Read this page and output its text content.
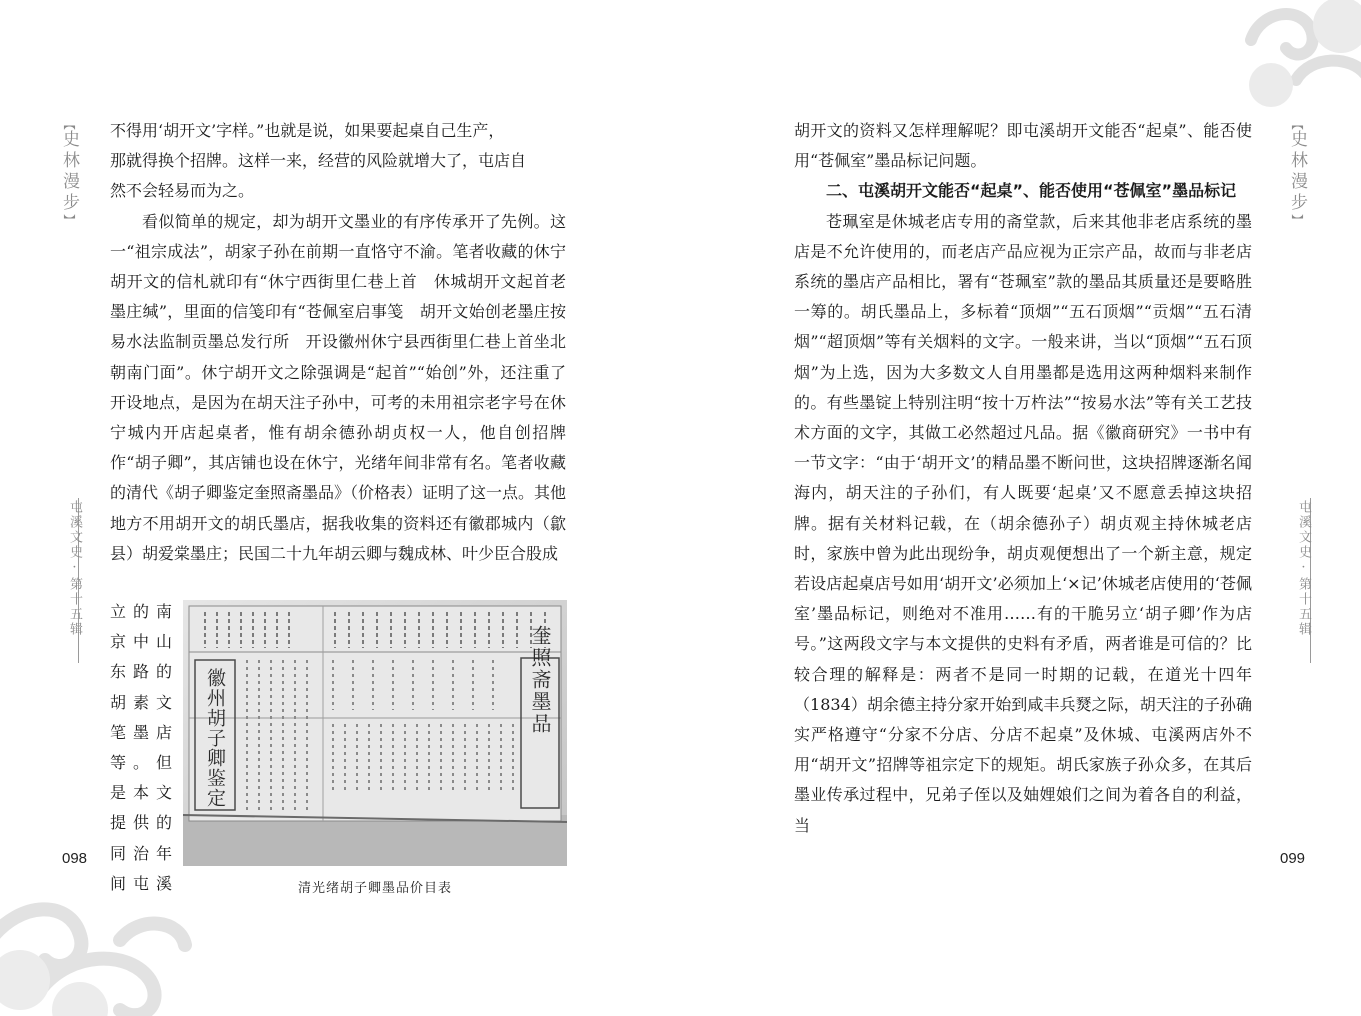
【史林漫步】
屯溪文史·第十五辑

不得用‘胡开文’字样。”也就是说，如果要起桌自己生产，

那就得换个招牌。这样一来，经营的风险就增大了，屯店自

然不会轻易而为之。

看似简单的规定，却为胡开文墨业的有序传承开了先例。这一“祖宗成法”，胡家子孙在前期一直恪守不渝。笔者收藏的休宁胡开文的信札就印有“休宁西街里仁巷上首　休城胡开文起首老墨庄缄”，里面的信笺印有“苍佩室启事笺　胡开文始创老墨庄按易水法监制贡墨总发行所　开设徽州休宁县西街里仁巷上首坐北朝南门面”。休宁胡开文之除强调是“起首”“始创”外，还注重了开设地点，是因为在胡天注子孙中，可考的未用祖宗老字号在休宁城内开店起桌者，惟有胡余德孙胡贞权一人，他自创招牌作“胡子卿”，其店铺也设在休宁，光绪年间非常有名。笔者收藏的清代《胡子卿鉴定奎照斋墨品》（价格表）证明了这一点。其他地方不用胡开文的胡氏墨店，据我收集的资料还有徽郡城内（歙县）胡爱棠墨庄；民国二十九年胡云卿与魏成林、叶少臣合股成

立的南
京中山
东路的
胡素文
笔墨店
等。但
是本文
提供的
同治年
间屯溪
奎照斋墨品
徽州胡子卿鉴定
清光绪胡子卿墨品价目表
098

胡开文的资料又怎样理解呢？即屯溪胡开文能否“起桌”、能否使用“苍佩室”墨品标记问题。

二、屯溪胡开文能否“起桌”、能否使用“苍佩室”墨品标记

苍珮室是休城老店专用的斋堂款，后来其他非老店系统的墨店是不允许使用的，而老店产品应视为正宗产品，故而与非老店系统的墨店产品相比，署有“苍珮室”款的墨品其质量还是要略胜一筹的。胡氏墨品上，多标着“顶烟”“五石顶烟”“贡烟”“五石清烟”“超顶烟”等有关烟料的文字。一般来讲，当以“顶烟”“五石顶烟”为上选，因为大多数文人自用墨都是选用这两种烟料来制作的。有些墨锭上特别注明“按十万杵法”“按易水法”等有关工艺技术方面的文字，其做工必然超过凡品。据《徽商研究》一书中有一节文字：“由于‘胡开文’的精品墨不断问世，这块招牌逐渐名闻海内，胡天注的子孙们，有人既要‘起桌’又不愿意丢掉这块招牌。据有关材料记载，在（胡余德孙子）胡贞观主持休城老店时，家族中曾为此出现纷争，胡贞观便想出了一个新主意，规定若设店起桌店号如用‘胡开文’必须加上‘×记’休城老店使用的‘苍佩室’墨品标记，则绝对不准用……有的干脆另立‘胡子卿’作为店号。”这两段文字与本文提供的史料有矛盾，两者谁是可信的？比较合理的解释是：两者不是同一时期的记载，在道光十四年（1834）胡余德主持分家开始到咸丰兵燹之际，胡天注的子孙确实严格遵守“分家不分店、分店不起桌”及休城、屯溪两店外不用“胡开文”招牌等祖宗定下的规矩。胡氏家族子孙众多，在其后墨业传承过程中，兄弟子侄以及妯娌娘们之间为着各自的利益，当

【史林漫步】
屯溪文史·第十五辑
099
